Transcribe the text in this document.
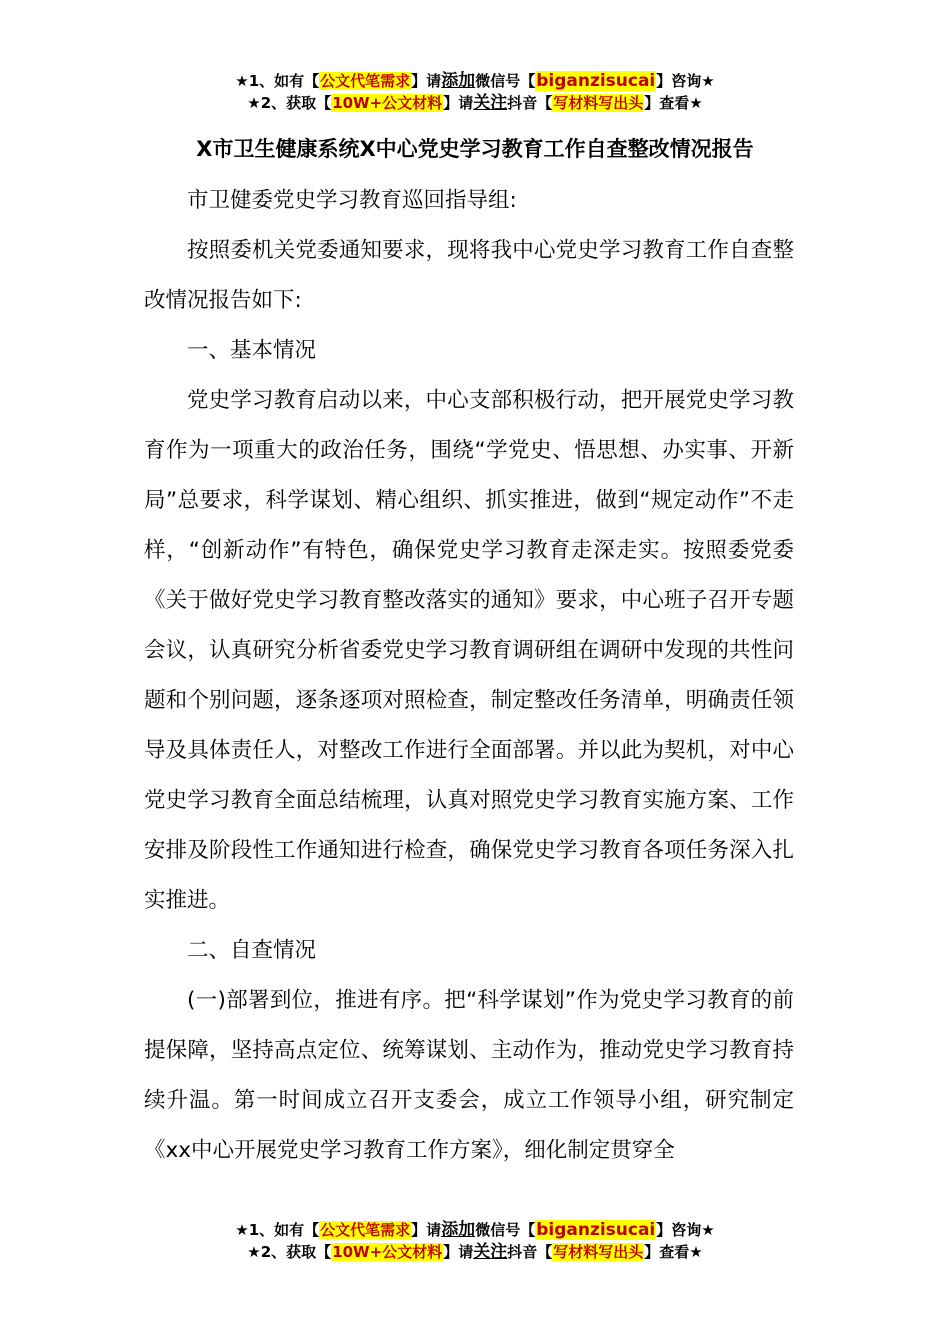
★1、如有【公文代笔需求】请添加微信号【biganzisucai】咨询★
★2、获取【10W+公文材料】请关注抖音【写材料写出头】查看★
X市卫生健康系统X中心党史学习教育工作自查整改情况报告

市卫健委党史学习教育巡回指导组:

按照委机关党委通知要求，现将我中心党史学习教育工作自查整改情况报告如下:

一、基本情况

党史学习教育启动以来，中心支部积极行动，把开展党史学习教育作为一项重大的政治任务，围绕“学党史、悟思想、办实事、开新局”总要求，科学谋划、精心组织、抓实推进，做到“规定动作”不走样，“创新动作”有特色，确保党史学习教育走深走实。按照委党委《关于做好党史学习教育整改落实的通知》要求，中心班子召开专题会议，认真研究分析省委党史学习教育调研组在调研中发现的共性问题和个别问题，逐条逐项对照检查，制定整改任务清单，明确责任领导及具体责任人，对整改工作进行全面部署。并以此为契机，对中心党史学习教育全面总结梳理，认真对照党史学习教育实施方案、工作安排及阶段性工作通知进行检查，确保党史学习教育各项任务深入扎实推进。

二、自查情况

(一)部署到位，推进有序。把“科学谋划”作为党史学习教育的前提保障，坚持高点定位、统筹谋划、主动作为，推动党史学习教育持续升温。第一时间成立召开支委会，成立工作领导小组，研究制定《xx中心开展党史学习教育工作方案》，细化制定贯穿全

★1、如有【公文代笔需求】请添加微信号【biganzisucai】咨询★
★2、获取【10W+公文材料】请关注抖音【写材料写出头】查看★
